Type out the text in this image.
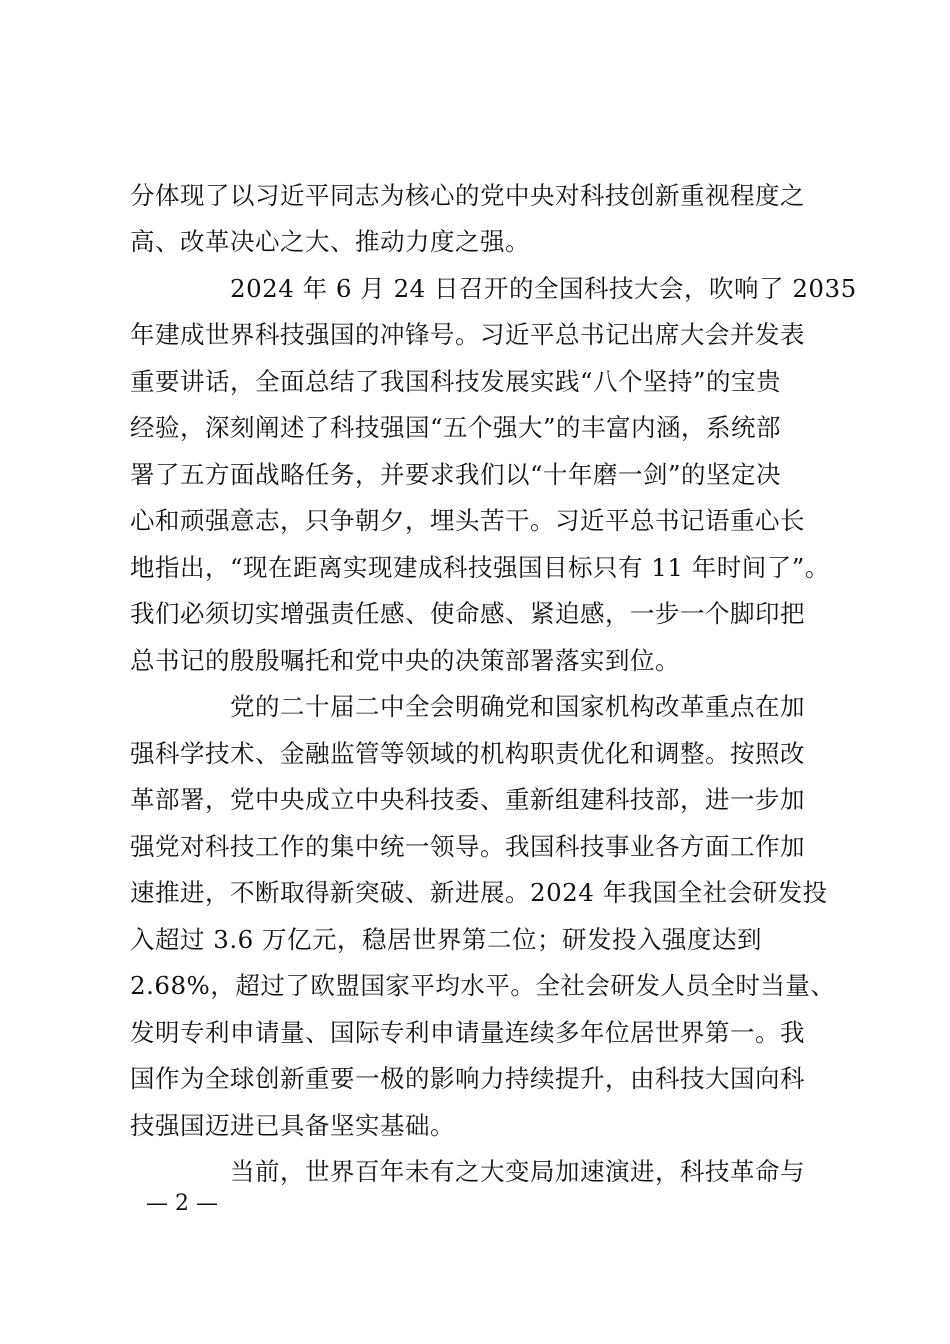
分体现了以习近平同志为核心的党中央对科技创新重视程度之
高、改革决心之大、推动力度之强。
2024 年 6 月 24 日召开的全国科技大会，吹响了 2035
年建成世界科技强国的冲锋号。习近平总书记出席大会并发表
重要讲话，全面总结了我国科技发展实践“八个坚持”的宝贵
经验，深刻阐述了科技强国“五个强大”的丰富内涵，系统部
署了五方面战略任务，并要求我们以“十年磨一剑”的坚定决
心和顽强意志，只争朝夕，埋头苦干。习近平总书记语重心长
地指出，“现在距离实现建成科技强国目标只有 11 年时间了”。
我们必须切实增强责任感、使命感、紧迫感，一步一个脚印把
总书记的殷殷嘱托和党中央的决策部署落实到位。
党的二十届二中全会明确党和国家机构改革重点在加
强科学技术、金融监管等领域的机构职责优化和调整。按照改
革部署，党中央成立中央科技委、重新组建科技部，进一步加
强党对科技工作的集中统一领导。我国科技事业各方面工作加
速推进，不断取得新突破、新进展。2024 年我国全社会研发投
入超过 3.6 万亿元，稳居世界第二位；研发投入强度达到
2.68%，超过了欧盟国家平均水平。全社会研发人员全时当量、
发明专利申请量、国际专利申请量连续多年位居世界第一。我
国作为全球创新重要一极的影响力持续提升，由科技大国向科
技强国迈进已具备坚实基础。
当前，世界百年未有之大变局加速演进，科技革命与
— 2 —
